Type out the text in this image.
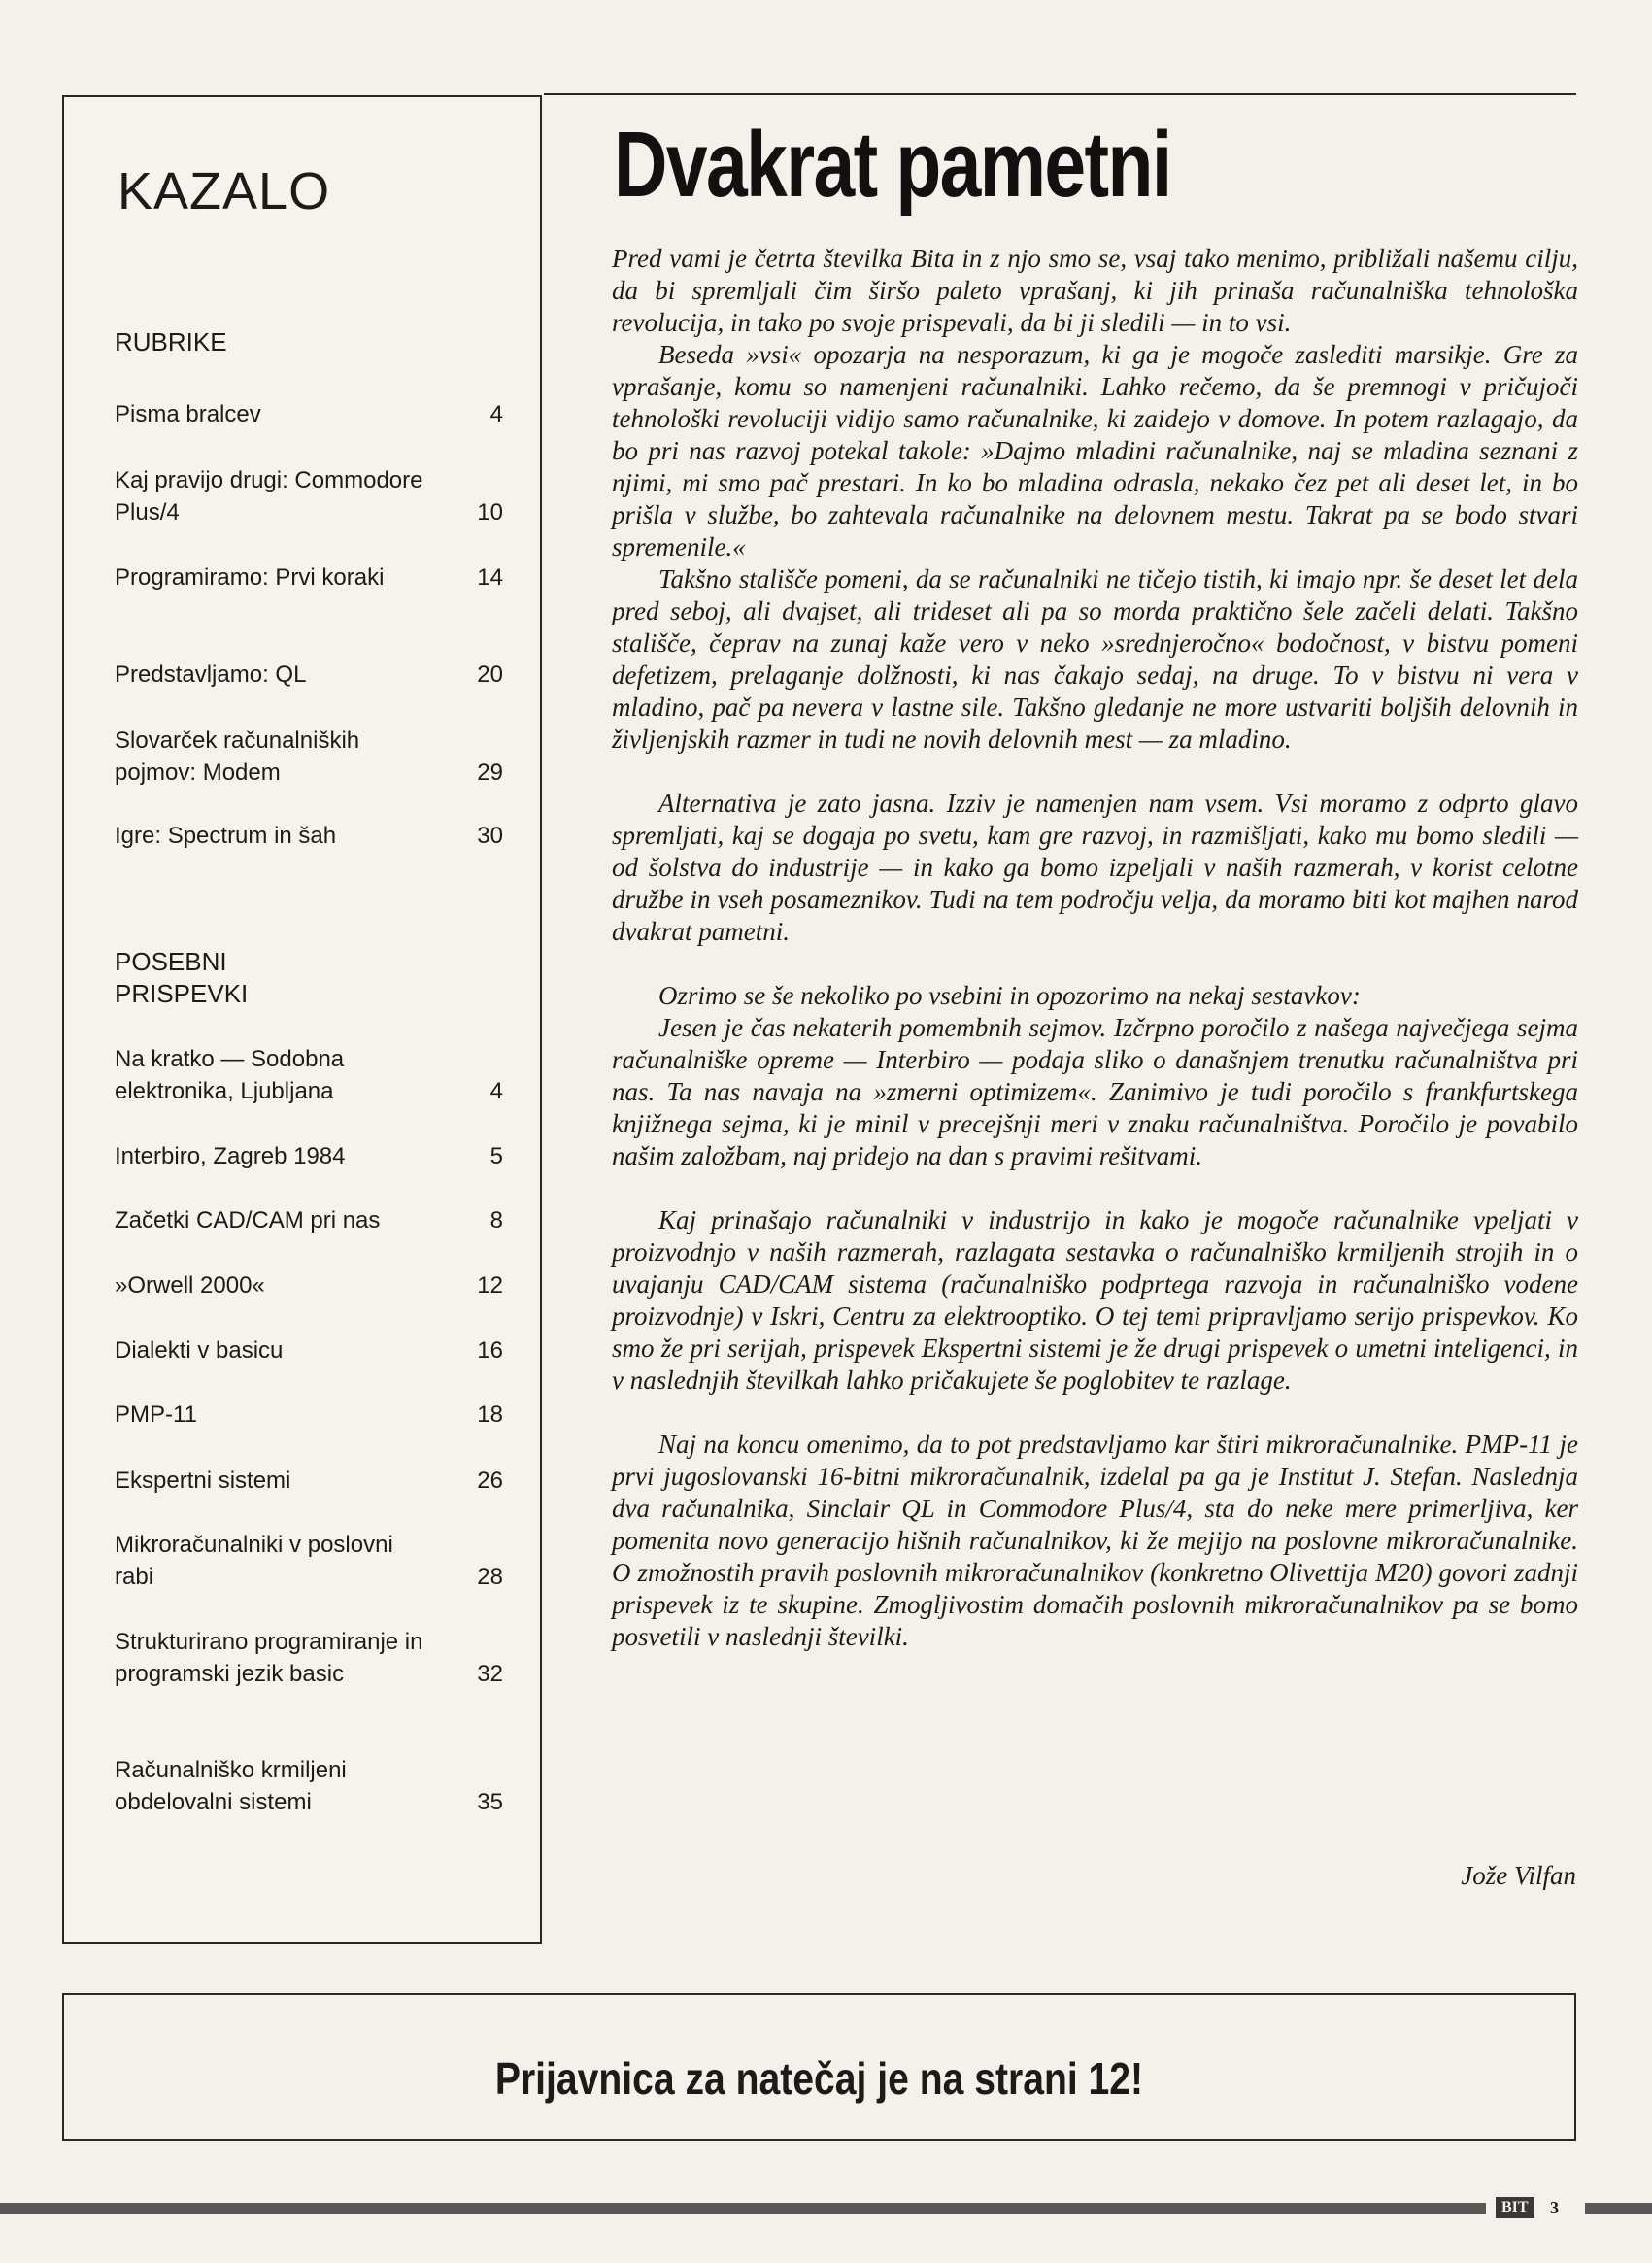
KAZALO
RUBRIKE
Pisma bralcev	4
Kaj pravijo drugi: Commodore Plus/4	10
Programiramo: Prvi koraki	14
Predstavljamo: QL	20
Slovarček računalniških pojmov: Modem	29
Igre: Spectrum in šah	30
POSEBNI PRISPEVKI
Na kratko — Sodobna elektronika, Ljubljana	4
Interbiro, Zagreb 1984	5
Začetki CAD/CAM pri nas	8
»Orwell 2000«	12
Dialekti v basicu	16
PMP-11	18
Ekspertni sistemi	26
Mikroračunalniki v poslovni rabi	28
Strukturirano programiranje in programski jezik basic	32
Računalniško krmiljeni obdelovalni sistemi	35
Dvakrat pametni

Pred vami je četrta številka Bita in z njo smo se, vsaj tako menimo, približali našemu cilju, da bi spremljali čim širšo paleto vprašanj, ki jih prinaša računalniška tehnološka revolucija, in tako po svoje prispevali, da bi ji sledili — in to vsi.

Beseda »vsi« opozarja na nesporazum, ki ga je mogoče zaslediti marsikje. Gre za vprašanje, komu so namenjeni računalniki. Lahko rečemo, da še premnogi v pričujoči tehnološki revoluciji vidijo samo računalnike, ki zaidejo v domove. In potem razlagajo, da bo pri nas razvoj potekal takole: »Dajmo mladini računalnike, naj se mladina seznani z njimi, mi smo pač prestari. In ko bo mladina odrasla, nekako čez pet ali deset let, in bo prišla v službe, bo zahtevala računalnike na delovnem mestu. Takrat pa se bodo stvari spremenile.«

Takšno stališče pomeni, da se računalniki ne tičejo tistih, ki imajo npr. še deset let dela pred seboj, ali dvajset, ali trideset ali pa so morda praktično šele začeli delati. Takšno stališče, čeprav na zunaj kaže vero v neko »srednjeročno« bodočnost, v bistvu pomeni defetizem, prelaganje dolžnosti, ki nas čakajo sedaj, na druge. To v bistvu ni vera v mladino, pač pa nevera v lastne sile. Takšno gledanje ne more ustvariti boljših delovnih in življenjskih razmer in tudi ne novih delovnih mest — za mladino.

Alternativa je zato jasna. Izziv je namenjen nam vsem. Vsi moramo z odprto glavo spremljati, kaj se dogaja po svetu, kam gre razvoj, in razmišljati, kako mu bomo sledili — od šolstva do industrije — in kako ga bomo izpeljali v naših razmerah, v korist celotne družbe in vseh posameznikov. Tudi na tem področju velja, da moramo biti kot majhen narod dvakrat pametni.

Ozrimo se še nekoliko po vsebini in opozorimo na nekaj sestavkov:

Jesen je čas nekaterih pomembnih sejmov. Izčrpno poročilo z našega največjega sejma računalniške opreme — Interbiro — podaja sliko o današnjem trenutku računalništva pri nas. Ta nas navaja na »zmerni optimizem«. Zanimivo je tudi poročilo s frankfurtskega knjižnega sejma, ki je minil v precejšnji meri v znaku računalništva. Poročilo je povabilo našim založbam, naj pridejo na dan s pravimi rešitvami.

Kaj prinašajo računalniki v industrijo in kako je mogoče računalnike vpeljati v proizvodnjo v naših razmerah, razlagata sestavka o računalniško krmiljenih strojih in o uvajanju CAD/CAM sistema (računalniško podprtega razvoja in računalniško vodene proizvodnje) v Iskri, Centru za elektrooptiko. O tej temi pripravljamo serijo prispevkov. Ko smo že pri serijah, prispevek Ekspertni sistemi je že drugi prispevek o umetni inteligenci, in v naslednjih številkah lahko pričakujete še poglobitev te razlage.

Naj na koncu omenimo, da to pot predstavljamo kar štiri mikroračunalnike. PMP-11 je prvi jugoslovanski 16-bitni mikroračunalnik, izdelal pa ga je Institut J. Stefan. Naslednja dva računalnika, Sinclair QL in Commodore Plus/4, sta do neke mere primerljiva, ker pomenita novo generacijo hišnih računalnikov, ki že mejijo na poslovne mikroračunalnike. O zmožnostih pravih poslovnih mikroračunalnikov (konkretno Olivettija M20) govori zadnji prispevek iz te skupine. Zmogljivostim domačih poslovnih mikroračunalnikov pa se bomo posvetili v naslednji številki.

Jože Vilfan
Prijavnica za natečaj je na strani 12!
BIT	3
